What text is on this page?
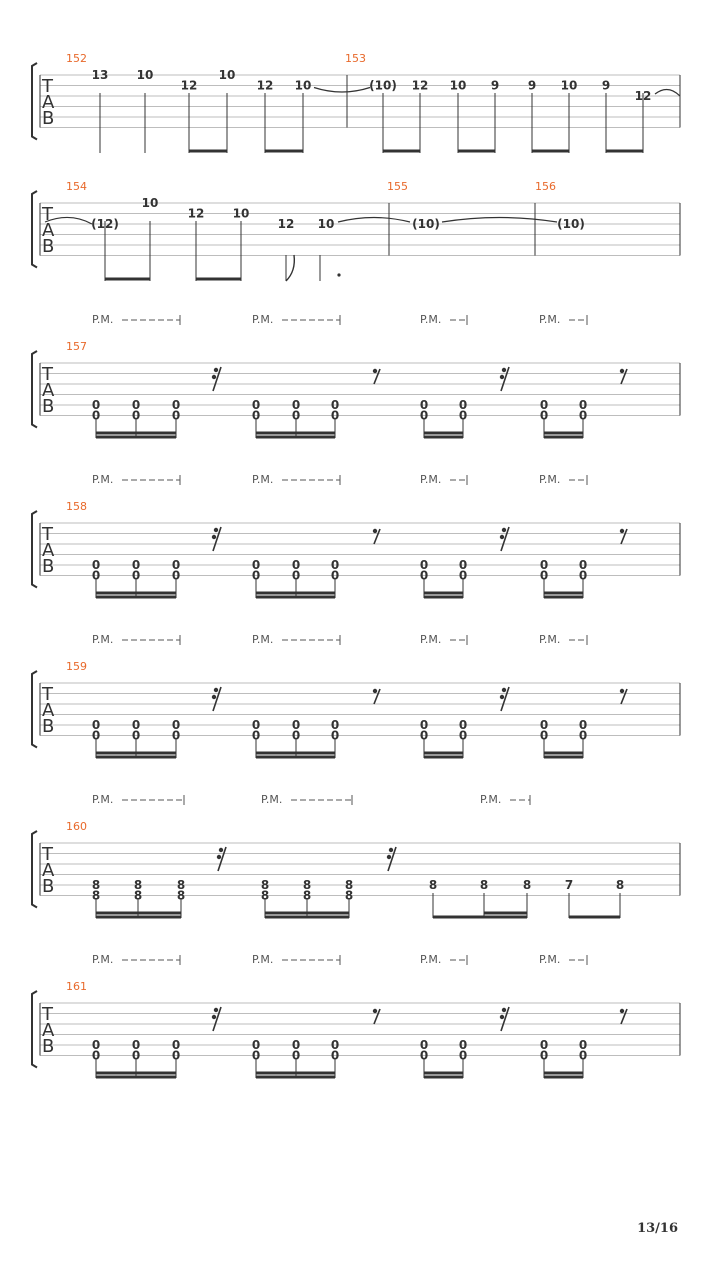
T
A
B
152	153
13 10
12
10
12 10	(10) 12 10 9 9 10 9
12
T
A
B
154	155	156
(12)
10
12 10
12 10	(10)	(10)
T
A
B
157
P.M.	P.M.	P.M.	P.M.
0
0
0
0
0
0
0
0
0
0
0
0
0
0
0
0
0
0
0
0
T
A
B
158
P.M.	P.M.	P.M.	P.M.
0
0
0
0
0
0
0
0
0
0
0
0
0
0
0
0
0
0
0
0
T
A
B
159
P.M.	P.M.	P.M.	P.M.
0
0
0
0
0
0
0
0
0
0
0
0
0
0
0
0
0
0
0
0
T
A
B
161
P.M.	P.M.	P.M.	P.M.
0
0
0
0
0
0
0
0
0
0
0
0
0
0
0
0
0
0
0
0
T
A
B
160
P.M.	P.M.	P.M.
8
8
8
8
8
8
8
8
8
8
8
8
8	8	8	7	8
13/16
